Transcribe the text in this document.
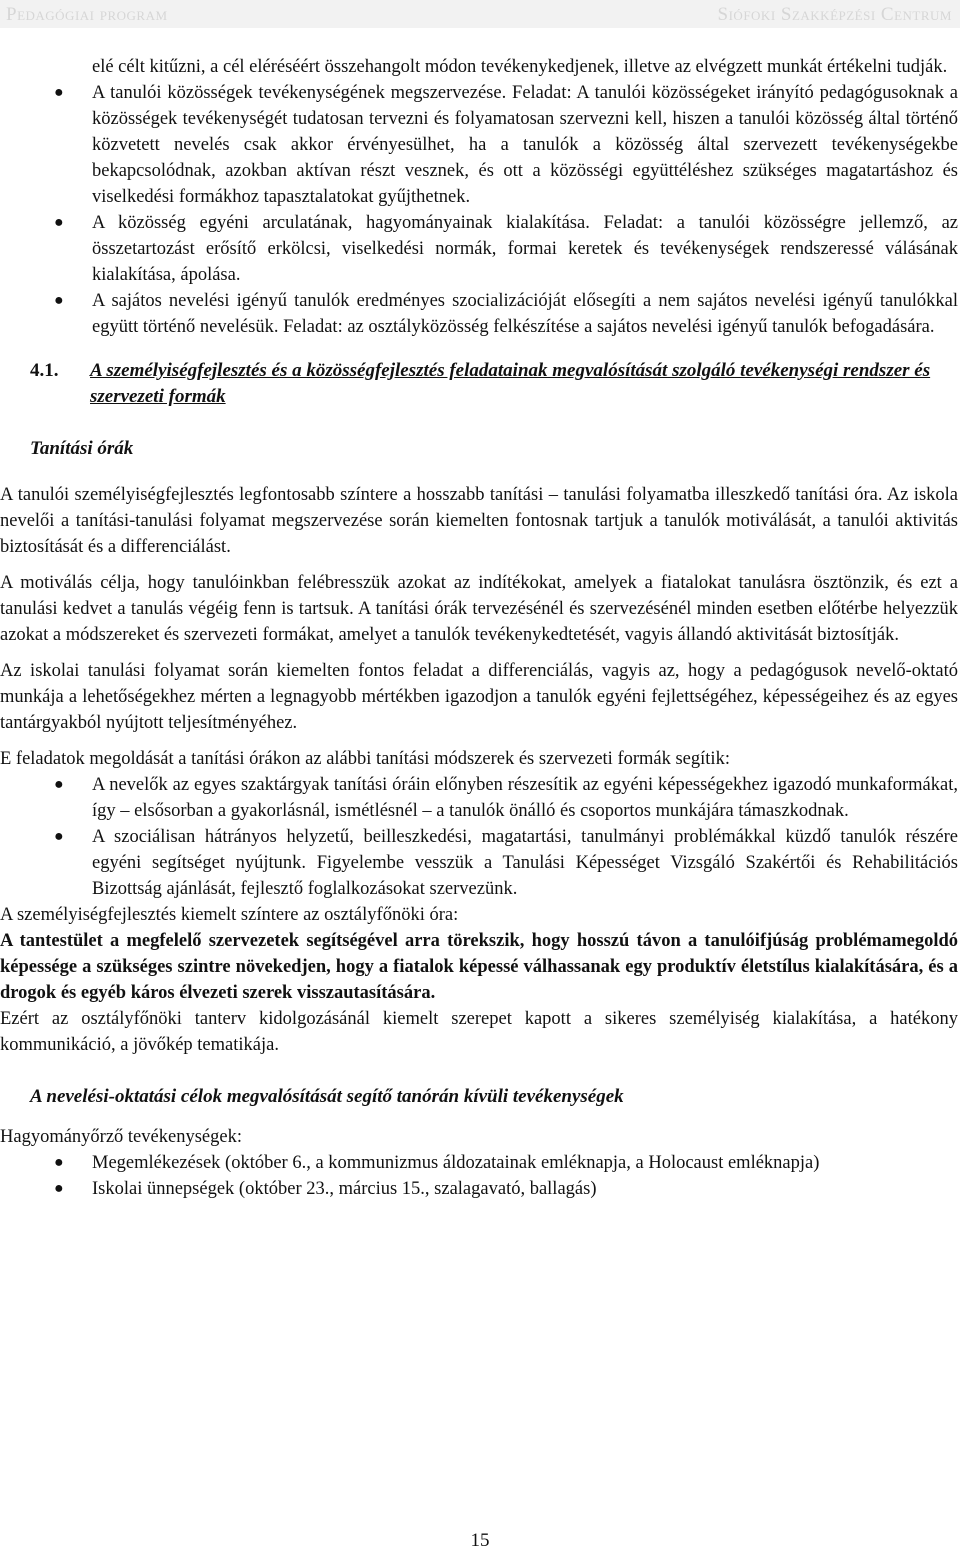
Pedagógiai program	Siófoki Szakképzési Centrum

elé célt kitűzni, a cél eléréséért összehangolt módon tevékenykedjenek, illetve az elvégzett munkát értékelni tudják.

● A tanulói közösségek tevékenységének megszervezése. Feladat: A tanulói közösségeket irányító pedagógusoknak a közösségek tevékenységét tudatosan tervezni és folyamatosan szervezni kell, hiszen a tanulói közösség által történő közvetett nevelés csak akkor érvényesülhet, ha a tanulók a közösség által szervezett tevékenységekbe bekapcsolódnak, azokban aktívan részt vesznek, és ott a közösségi együttéléshez szükséges magatartáshoz és viselkedési formákhoz tapasztalatokat gyűjthetnek.
● A közösség egyéni arculatának, hagyományainak kialakítása. Feladat: a tanulói közösségre jellemző, az összetartozást erősítő erkölcsi, viselkedési normák, formai keretek és tevékenységek rendszeressé válásának kialakítása, ápolása.
● A sajátos nevelési igényű tanulók eredményes szocializációját elősegíti a nem sajátos nevelési igényű tanulókkal együtt történő nevelésük. Feladat: az osztályközösség felkészítése a sajátos nevelési igényű tanulók befogadására.
4.1. A személyiségfejlesztés és a közösségfejlesztés feladatainak megvalósítását szolgáló tevékenységi rendszer és szervezeti formák
Tanítási órák

A tanulói személyiségfejlesztés legfontosabb színtere a hosszabb tanítási – tanulási folyamatba illeszkedő tanítási óra. Az iskola nevelői a tanítási-tanulási folyamat megszervezése során kiemelten fontosnak tartjuk a tanulók motiválását, a tanulói aktivitás biztosítását és a differenciálást.

A motiválás célja, hogy tanulóinkban felébresszük azokat az indítékokat, amelyek a fiatalokat tanulásra ösztönzik, és ezt a tanulási kedvet a tanulás végéig fenn is tartsuk. A tanítási órák tervezésénél és szervezésénél minden esetben előtérbe helyezzük azokat a módszereket és szervezeti formákat, amelyet a tanulók tevékenykedtetését, vagyis állandó aktivitását biztosítják.

Az iskolai tanulási folyamat során kiemelten fontos feladat a differenciálás, vagyis az, hogy a pedagógusok nevelő-oktató munkája a lehetőségekhez mérten a legnagyobb mértékben igazodjon a tanulók egyéni fejlettségéhez, képességeihez és az egyes tantárgyakból nyújtott teljesítményéhez.

E feladatok megoldását a tanítási órákon az alábbi tanítási módszerek és szervezeti formák segítik:

● A nevelők az egyes szaktárgyak tanítási óráin előnyben részesítik az egyéni képességekhez igazodó munkaformákat, így – elsősorban a gyakorlásnál, ismétlésnél – a tanulók önálló és csoportos munkájára támaszkodnak.
● A szociálisan hátrányos helyzetű, beilleszkedési, magatartási, tanulmányi problémákkal küzdő tanulók részére egyéni segítséget nyújtunk. Figyelembe vesszük a Tanulási Képességet Vizsgáló Szakértői és Rehabilitációs Bizottság ajánlását, fejlesztő foglalkozásokat szervezünk.

A személyiségfejlesztés kiemelt színtere az osztályfőnöki óra:

A tantestület a megfelelő szervezetek segítségével arra törekszik, hogy hosszú távon a tanulóifjúság problémamegoldó képessége a szükséges szintre növekedjen, hogy a fiatalok képessé válhassanak egy produktív életstílus kialakítására, és a drogok és egyéb káros élvezeti szerek visszautasítására.

Ezért az osztályfőnöki tanterv kidolgozásánál kiemelt szerepet kapott a sikeres személyiség kialakítása, a hatékony kommunikáció, a jövőkép tematikája.

A nevelési-oktatási célok megvalósítását segítő tanórán kívüli tevékenységek

Hagyományőrző tevékenységek:

● Megemlékezések (október 6., a kommunizmus áldozatainak emléknapja, a Holocaust emléknapja)
● Iskolai ünnepségek (október 23., március 15., szalagavató, ballagás)
15
